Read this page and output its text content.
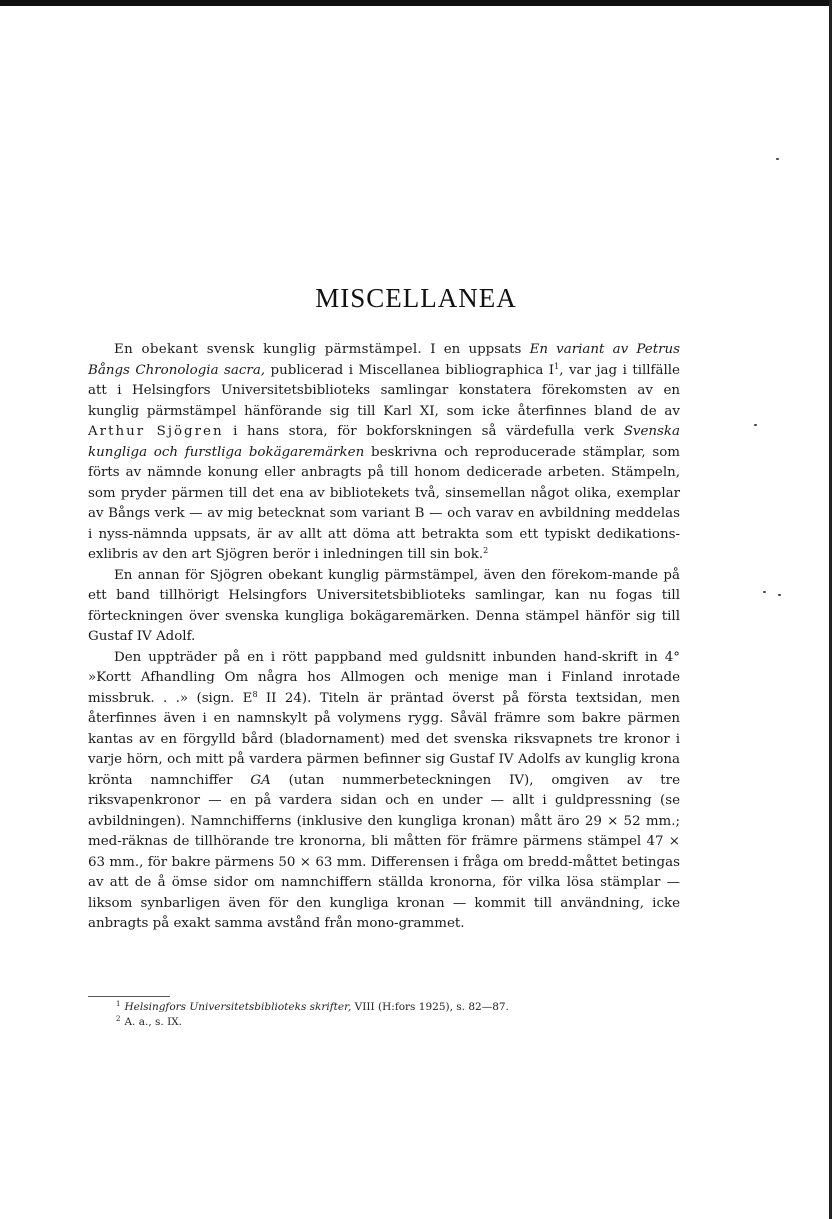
MISCELLANEA

En obekant svensk kunglig pärmstämpel. I en uppsats En variant av Petrus Bångs Chronologia sacra, publicerad i Miscellanea bibliographica $I^1$, var jag i tillfälle att i Helsingfors Universitetsbiblioteks samlingar konstatera förekomsten av en kunglig pärmstämpel hänförande sig till Karl XI, som icke återfinnes bland de av Arthur Sjögren i hans stora, för bokforskningen så värdefulla verk Svenska kungliga och furstliga bokägaremärken beskrivna och reproducerade stämplar, som förts av nämnde konung eller anbragts på till honom dedicerade arbeten. Stämpeln, som pryder pärmen till det ena av bibliotekets två, sinsemellan något olika, exemplar av Bångs verk — av mig betecknat som variant B — och varav en avbildning meddelas i nyss-nämnda uppsats, är av allt att döma att betrakta som ett typiskt dedikations-exlibris av den art Sjögren berör i inledningen till sin bok.$^2$

En annan för Sjögren obekant kunglig pärmstämpel, även den förekom-mande på ett band tillhörigt Helsingfors Universitetsbiblioteks samlingar, kan nu fogas till förteckningen över svenska kungliga bokägaremärken. Denna stämpel hänför sig till Gustaf IV Adolf.

Den uppträder på en i rött pappband med guldsnitt inbunden hand-skrift in 4° »Kortt Afhandling Om några hos Allmogen och menige man i Finland inrotade missbruk. . .» (sign. $E^8$ II 24). Titeln är präntad överst på första textsidan, men återfinnes även i en namnskylt på volymens rygg. Såväl främre som bakre pärmen kantas av en förgylld bård (bladornament) med det svenska riksvapnets tre kronor i varje hörn, och mitt på vardera pärmen befinner sig Gustaf IV Adolfs av kunglig krona krönta namnchiffer GA (utan nummerbeteckningen IV), omgiven av tre riksvapenkronor — en på vardera sidan och en under — allt i guldpressning (se avbildningen). Namnchifferns (inklusive den kungliga kronan) mått äro 29 × 52 mm.; med-räknas de tillhörande tre kronorna, bli måtten för främre pärmens stämpel 47 × 63 mm., för bakre pärmens 50 × 63 mm. Differensen i fråga om bredd-måttet betingas av att de å ömse sidor om namnchiffern ställda kronorna, för vilka lösa stämplar — liksom synbarligen även för den kungliga kronan — kommit till användning, icke anbragts på exakt samma avstånd från mono-grammet.

$^1$ Helsingfors Universitetsbiblioteks skrifter, VIII (H:fors 1925), s. 82—87.
$^2$ A. a., s. IX.
